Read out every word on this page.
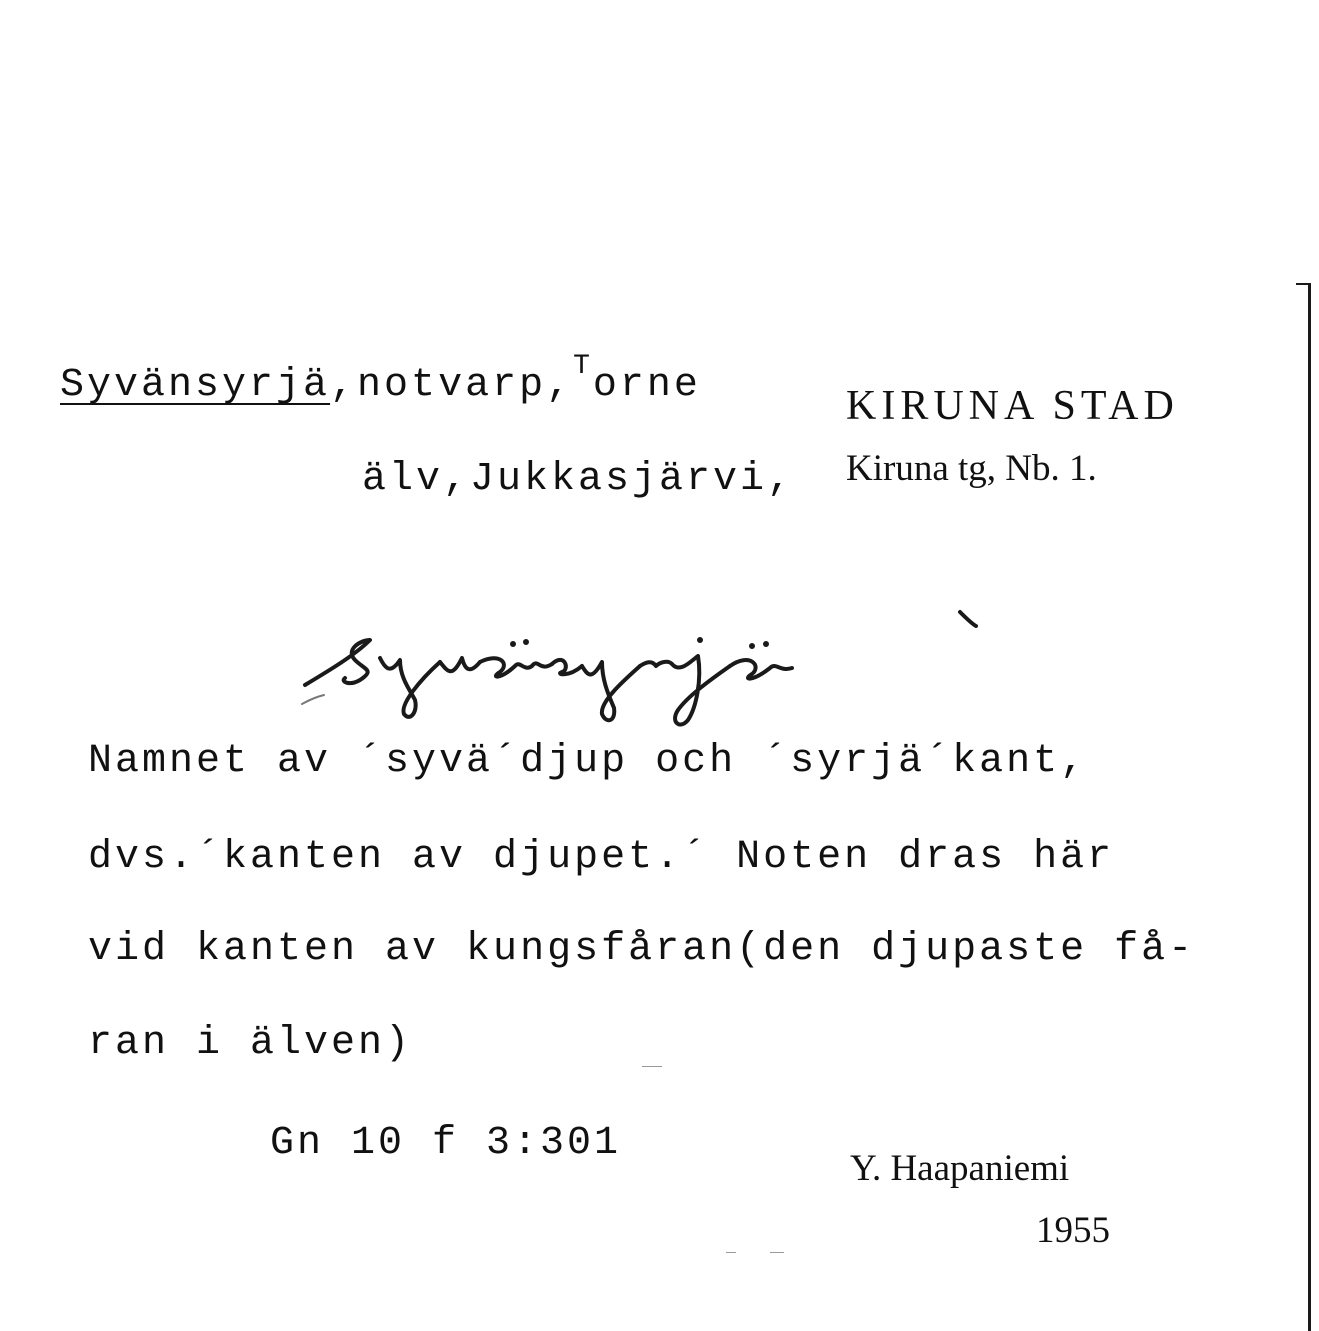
Syvänsyrjä,notvarp,$^T$orne
älv,Jukkasjärvi,
KIRUNA STAD
Kiruna tg, Nb. 1.
Namnet av ´syvä´djup och ´syrjä´kant,
dvs.´kanten av djupet.´ Noten dras här
vid kanten av kungsfåran(den djupaste få-
ran i älven)
Gn 10 f 3:301
Y. Haapaniemi
1955
